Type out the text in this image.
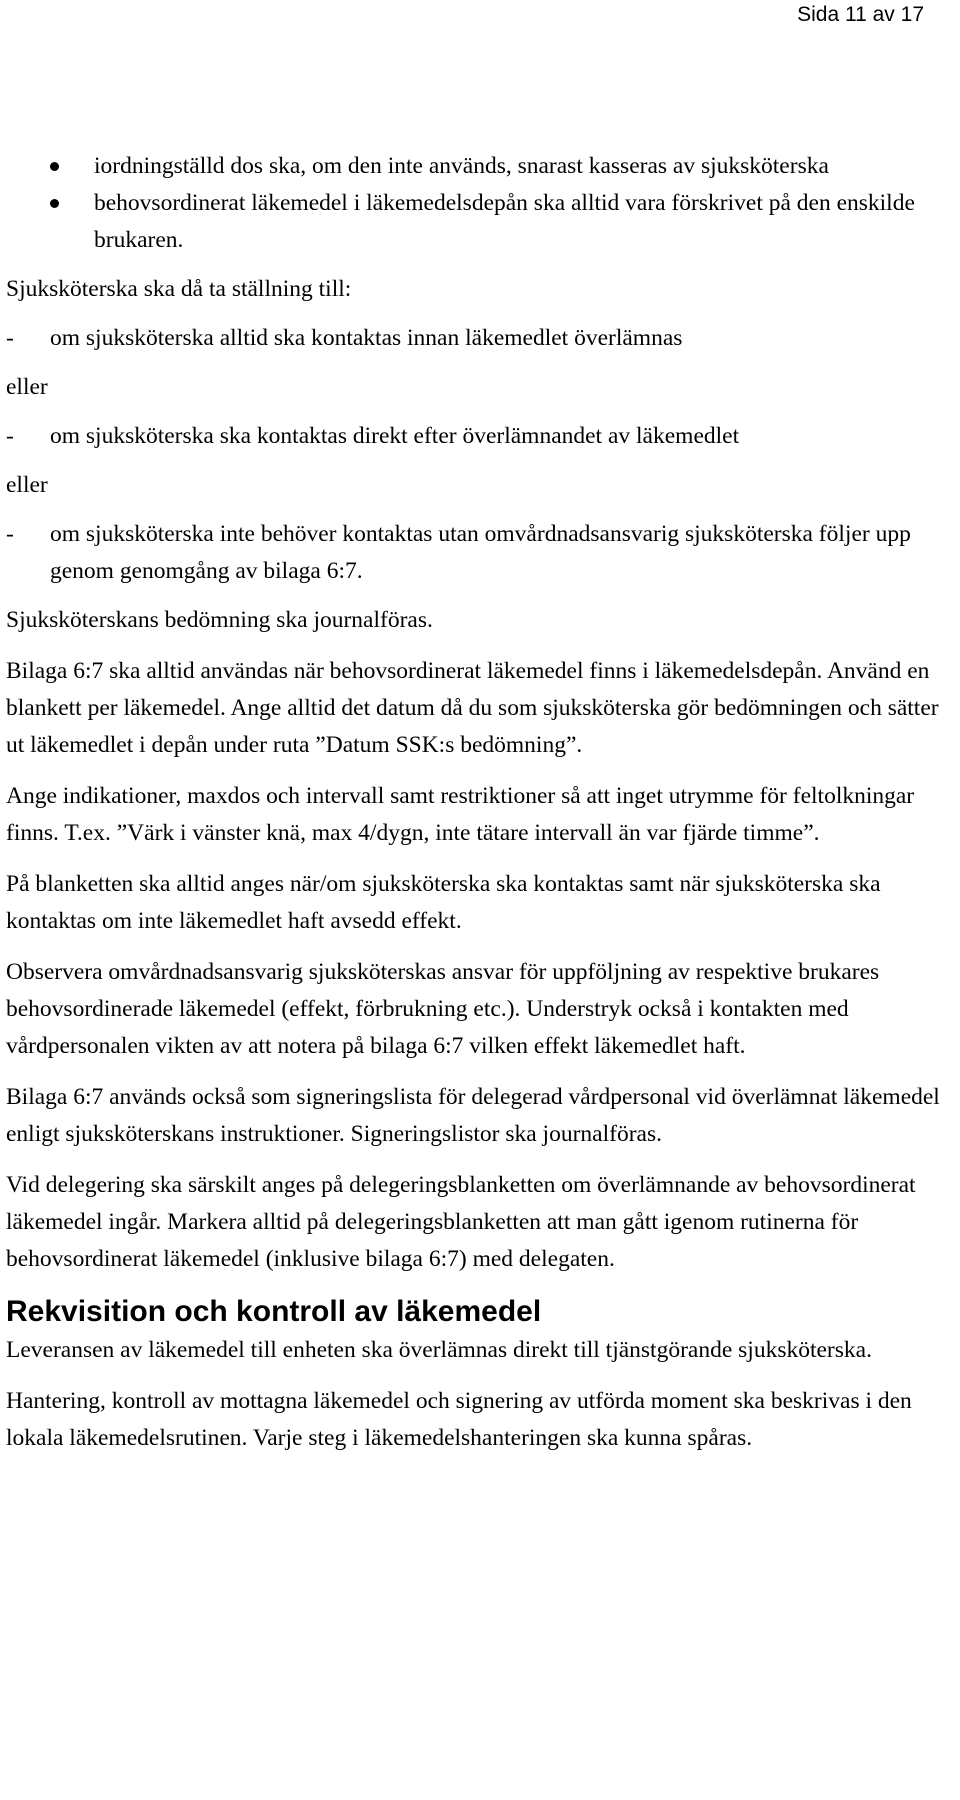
Sida 11 av 17
iordningställd dos ska, om den inte används, snarast kasseras av sjuksköterska
behovsordinerat läkemedel i läkemedelsdepån ska alltid vara förskrivet på den enskilde brukaren.

Sjuksköterska ska då ta ställning till:

- om sjuksköterska alltid ska kontaktas innan läkemedlet överlämnas

eller

- om sjuksköterska ska kontaktas direkt efter överlämnandet av läkemedlet

eller

- om sjuksköterska inte behöver kontaktas utan omvårdnadsansvarig sjuksköterska följer upp genom genomgång av bilaga 6:7.

Sjuksköterskans bedömning ska journalföras.

Bilaga 6:7 ska alltid användas när behovsordinerat läkemedel finns i läkemedelsdepån. Använd en blankett per läkemedel. Ange alltid det datum då du som sjuksköterska gör bedömningen och sätter ut läkemedlet i depån under ruta ”Datum SSK:s bedömning”.

Ange indikationer, maxdos och intervall samt restriktioner så att inget utrymme för feltolkningar finns. T.ex. ”Värk i vänster knä, max 4/dygn, inte tätare intervall än var fjärde timme”.

På blanketten ska alltid anges när/om sjuksköterska ska kontaktas samt när sjuksköterska ska kontaktas om inte läkemedlet haft avsedd effekt.

Observera omvårdnadsansvarig sjuksköterskas ansvar för uppföljning av respektive brukares behovsordinerade läkemedel (effekt, förbrukning etc.). Understryk också i kontakten med vårdpersonalen vikten av att notera på bilaga 6:7 vilken effekt läkemedlet haft.

Bilaga 6:7 används också som signeringslista för delegerad vårdpersonal vid överlämnat läkemedel enligt sjuksköterskans instruktioner. Signeringslistor ska journalföras.

Vid delegering ska särskilt anges på delegeringsblanketten om överlämnande av behovsordinerat läkemedel ingår. Markera alltid på delegeringsblanketten att man gått igenom rutinerna för behovsordinerat läkemedel (inklusive bilaga 6:7) med delegaten.

Rekvisition och kontroll av läkemedel

Leveransen av läkemedel till enheten ska överlämnas direkt till tjänstgörande sjuksköterska.

Hantering, kontroll av mottagna läkemedel och signering av utförda moment ska beskrivas i den lokala läkemedelsrutinen. Varje steg i läkemedelshanteringen ska kunna spåras.
